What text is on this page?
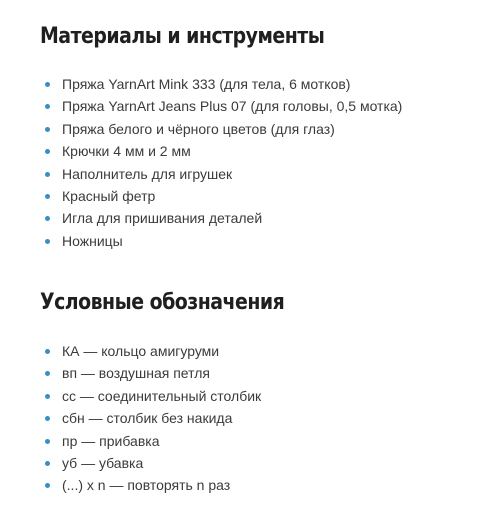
Материалы и инструменты
Пряжа YarnArt Mink 333 (для тела, 6 мотков)
Пряжа YarnArt Jeans Plus 07 (для головы, 0,5 мотка)
Пряжа белого и чёрного цветов (для глаз)
Крючки 4 мм и 2 мм
Наполнитель для игрушек
Красный фетр
Игла для пришивания деталей
Ножницы
Условные обозначения
КА — кольцо амигуруми
вп — воздушная петля
сс — соединительный столбик
сбн — столбик без накида
пр — прибавка
уб — убавка
(...) х n — повторять n раз
